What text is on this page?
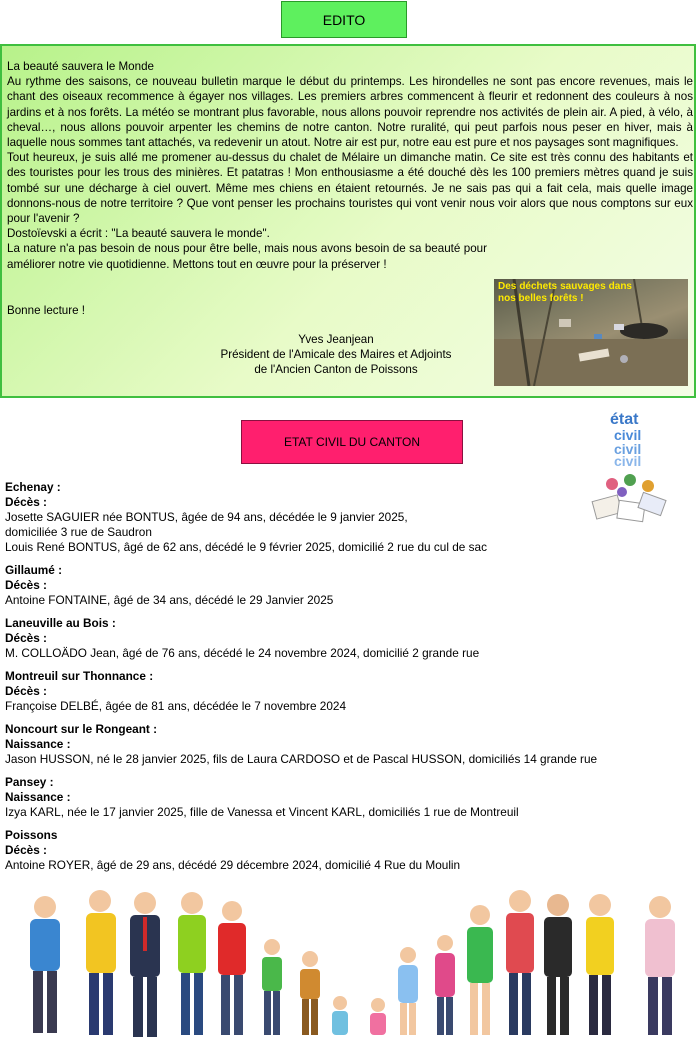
EDITO

La beauté sauvera le Monde

Au rythme des saisons, ce nouveau bulletin marque le début du printemps. Les hirondelles ne sont pas encore revenues, mais le chant des oiseaux recommence à égayer nos villages. Les premiers arbres commencent à fleurir et redonnent des couleurs à nos jardins et à nos forêts. La météo se montrant plus favorable, nous allons pouvoir reprendre nos activités de plein air. A pied, à vélo, à cheval…, nous allons pouvoir arpenter les chemins de notre canton. Notre ruralité, qui peut parfois nous peser en hiver, mais à laquelle nous sommes tant attachés, va redevenir un atout. Notre air est pur, notre eau est pure et nos paysages sont magnifiques.

Tout heureux, je suis allé me promener au-dessus du chalet de Mélaire un dimanche matin. Ce site est très connu des habitants et des touristes pour les trous des minières. Et patatras ! Mon enthousiasme a été douché dès les 100 premiers mètres quand je suis tombé sur une décharge à ciel ouvert. Même mes chiens en étaient retournés. Je ne sais pas qui a fait cela, mais quelle image donnons-nous de notre territoire ? Que vont penser les prochains touristes qui vont venir nous voir alors que nous comptons sur eux pour l'avenir ?

Dostoïevski a écrit : "La beauté sauvera le monde".

La nature n'a pas besoin de nous pour être belle, mais nous avons besoin de sa beauté pour améliorer notre vie quotidienne. Mettons tout en œuvre pour la préserver !

Bonne lecture !
Yves Jeanjean
Président de l'Amicale des Maires et Adjoints
de l'Ancien Canton de Poissons
Des déchets sauvages dans nos belles forêts !
ETAT CIVIL DU CANTON
état
civil
civil
civil
Echenay :
Décès :
Josette SAGUIER née BONTUS, âgée de 94 ans, décédée le 9 janvier 2025,
domiciliée 3 rue de Saudron
Louis René BONTUS, âgé de 62 ans, décédé le 9 février 2025, domicilié 2 rue du cul de sac
Gillaumé :
Décès :
Antoine FONTAINE, âgé de 34 ans, décédé le 29 Janvier 2025
Laneuville au Bois :
Décès :
M. COLLOÄDO Jean, âgé de 76 ans, décédé le 24 novembre 2024, domicilié 2 grande rue
Montreuil sur Thonnance :
Décès :
Françoise DELBÉ, âgée de 81 ans, décédée le 7 novembre 2024
Noncourt sur le Rongeant :
Naissance :
Jason HUSSON, né le 28 janvier 2025, fils de Laura CARDOSO et de Pascal HUSSON, domiciliés 14 grande rue
Pansey :
Naissance :
Izya KARL, née le 17 janvier 2025, fille de Vanessa et Vincent KARL, domiciliés 1 rue de Montreuil
Poissons
Décès :
Antoine ROYER, âgé de 29 ans, décédé 29 décembre 2024, domicilié 4 Rue du Moulin
